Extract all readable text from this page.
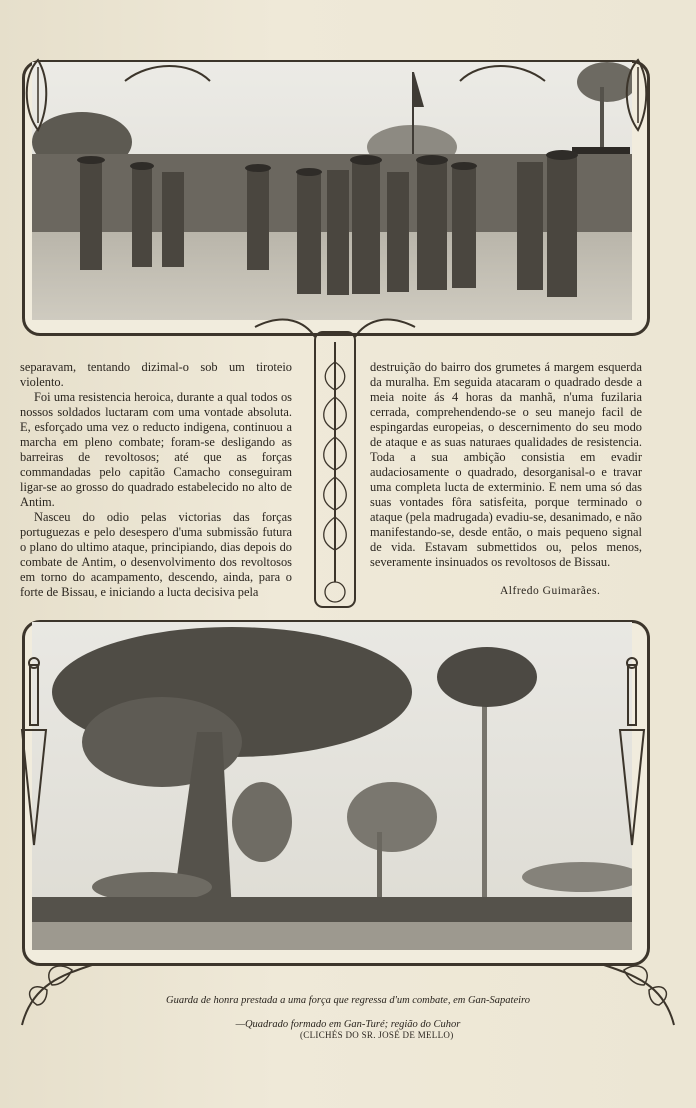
separavam, tentando dizimal-o sob um tiroteio violento.

Foi uma resistencia heroica, durante a qual todos os nossos soldados luctaram com uma vontade absoluta. E, esforçado uma vez o reducto indigena, continuou a marcha em pleno combate; foram-se desligando as barreiras de revoltosos; até que as forças commandadas pelo capitão Camacho conseguiram ligar-se ao grosso do quadrado estabelecido no alto de Antim.

Nasceu do odio pelas victorias das forças portuguezas e pelo desespero d'uma submissão futura o plano do ultimo ataque, principiando, dias depois do combate de Antim, o desenvolvimento dos revoltosos em torno do acampamento, descendo, ainda, para o forte de Bissau, e iniciando a lucta decisiva pela

destruição do bairro dos grumetes á margem esquerda da muralha. Em seguida atacaram o quadrado desde a meia noite ás 4 horas da manhã, n'uma fuzilaria cerrada, comprehendendo-se o seu manejo facil de espingardas europeias, o descernimento do seu modo de ataque e as suas naturaes qualidades de resistencia. Toda a sua ambição consistia em evadir audaciosamente o quadrado, desorganisal-o e travar uma completa lucta de exterminio. E nem uma só das suas vontades fôra satisfeita, porque terminado o ataque (pela madrugada) evadiu-se, desanimado, e não manifestando-se, desde então, o mais pequeno signal de vida. Estavam submettidos ou, pelos menos, severamente insinuados os revoltosos de Bissau.

Alfredo Guimarães.
Guarda de honra prestada a uma força que regressa d'um combate, em Gan-Sapateiro
—Quadrado formado em Gan-Turé; região do Cuhor
(CLICHÉS DO SR. JOSÉ DE MELLO)
